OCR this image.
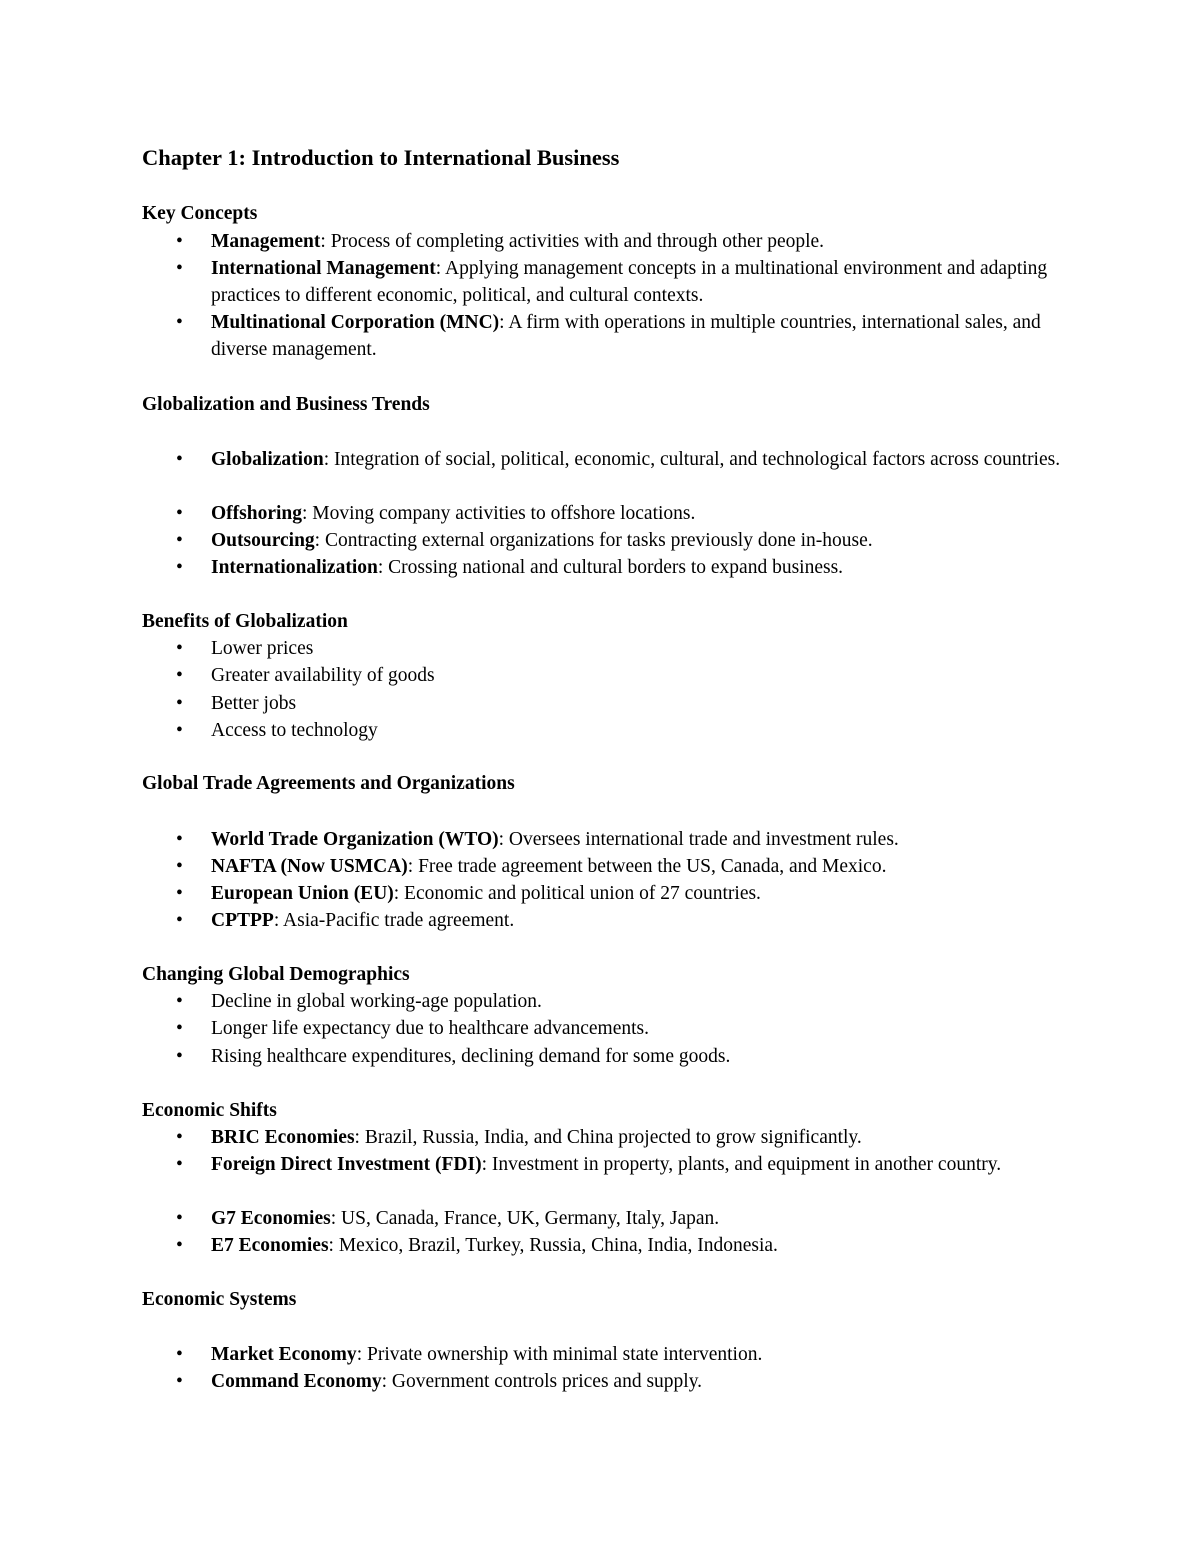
Chapter 1: Introduction to International Business
Key Concepts
• Management: Process of completing activities with and through other people.
• International Management: Applying management concepts in a multinational environment and adapting practices to different economic, political, and cultural contexts.
• Multinational Corporation (MNC): A firm with operations in multiple countries, international sales, and diverse management.
Globalization and Business Trends
• Globalization: Integration of social, political, economic, cultural, and technological factors across countries.
• Offshoring: Moving company activities to offshore locations.
• Outsourcing: Contracting external organizations for tasks previously done in-house.
• Internationalization: Crossing national and cultural borders to expand business.
Benefits of Globalization
• Lower prices
• Greater availability of goods
• Better jobs
• Access to technology
Global Trade Agreements and Organizations
• World Trade Organization (WTO): Oversees international trade and investment rules.
• NAFTA (Now USMCA): Free trade agreement between the US, Canada, and Mexico.
• European Union (EU): Economic and political union of 27 countries.
• CPTPP: Asia-Pacific trade agreement.
Changing Global Demographics
• Decline in global working-age population.
• Longer life expectancy due to healthcare advancements.
• Rising healthcare expenditures, declining demand for some goods.
Economic Shifts
• BRIC Economies: Brazil, Russia, India, and China projected to grow significantly.
• Foreign Direct Investment (FDI): Investment in property, plants, and equipment in another country.
• G7 Economies: US, Canada, France, UK, Germany, Italy, Japan.
• E7 Economies: Mexico, Brazil, Turkey, Russia, China, India, Indonesia.
Economic Systems
• Market Economy: Private ownership with minimal state intervention.
• Command Economy: Government controls prices and supply.
